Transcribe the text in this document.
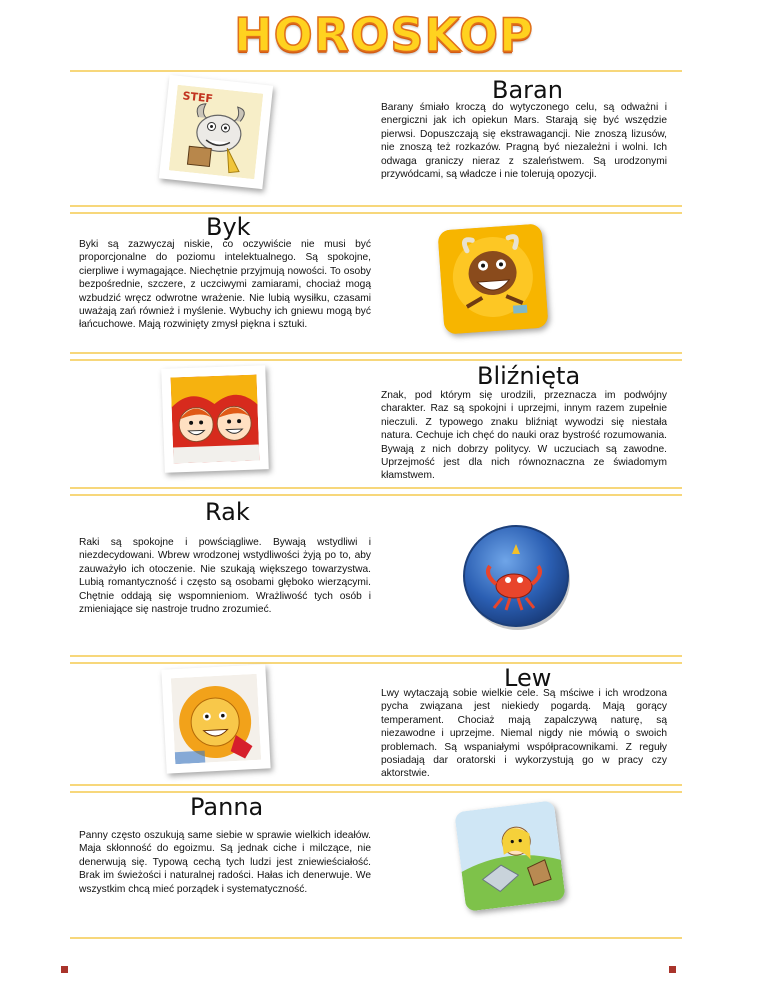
HOROSKOP
Baran
Barany śmiało kroczą do wytyczonego celu, są odważni i energiczni jak ich opiekun Mars. Starają się być wszędzie pierwsi. Dopuszczają się ekstrawagancji. Nie znoszą lizusów, nie znoszą też rozkazów. Pragną być niezależni i wolni. Ich odwaga graniczy nieraz z szaleństwem. Są urodzonymi przywódcami, są władcze i nie tolerują opozycji.
STEF
Byk
Byki są zazwyczaj niskie, co oczywiście nie musi być proporcjonalne do poziomu intelektualnego. Są spokojne, cierpliwe i wymagające. Niechętnie przyjmują nowości. To osoby bezpośrednie, szczere, z uczciwymi zamiarami, chociaż mogą wzbudzić wręcz odwrotne wrażenie. Nie lubią wysiłku, czasami uważają zań również i myślenie. Wybuchy ich gniewu mogą być łańcuchowe. Mają rozwinięty zmysł piękna i sztuki.
Bliźnięta
Znak, pod którym się urodzili, przeznacza im podwójny charakter. Raz są spokojni i uprzejmi, innym razem zupełnie nieczuli. Z typowego znaku bliźniąt wywodzi się niestała natura. Cechuje ich chęć do nauki oraz bystrość rozumowania. Bywają z nich dobrzy politycy. W uczuciach są zawodne. Uprzejmość jest dla nich równoznaczna ze świadomym kłamstwem.
Rak
Raki są spokojne i powściągliwe. Bywają wstydliwi i niezdecydowani. Wbrew wrodzonej wstydliwości żyją po to, aby zauważyło ich otoczenie. Nie szukają większego towarzystwa. Lubią romantyczność i często są osobami głęboko wierzącymi. Chętnie oddają się wspomnieniom. Wrażliwość tych osób i zmieniające się nastroje trudno zrozumieć.
Lew
Lwy wytaczają sobie wielkie cele. Są mściwe i ich wrodzona pycha związana jest niekiedy pogardą. Mają gorący temperament. Chociaż mają zapalczywą naturę, są niezawodne i uprzejme. Niemal nigdy nie mówią o swoich problemach. Są wspaniałymi współpracownikami. Z reguły posiadają dar oratorski i wykorzystują go w pracy czy aktorstwie.
Panna
Panny często oszukują same siebie w sprawie wielkich ideałów. Maja skłonność do egoizmu. Są jednak ciche i milczące, nie denerwują się. Typową cechą tych ludzi jest zniewieściałość. Brak im świeżości i naturalnej radości. Hałas ich denerwuje. We wszystkim chcą mieć porządek i systematyczność.
